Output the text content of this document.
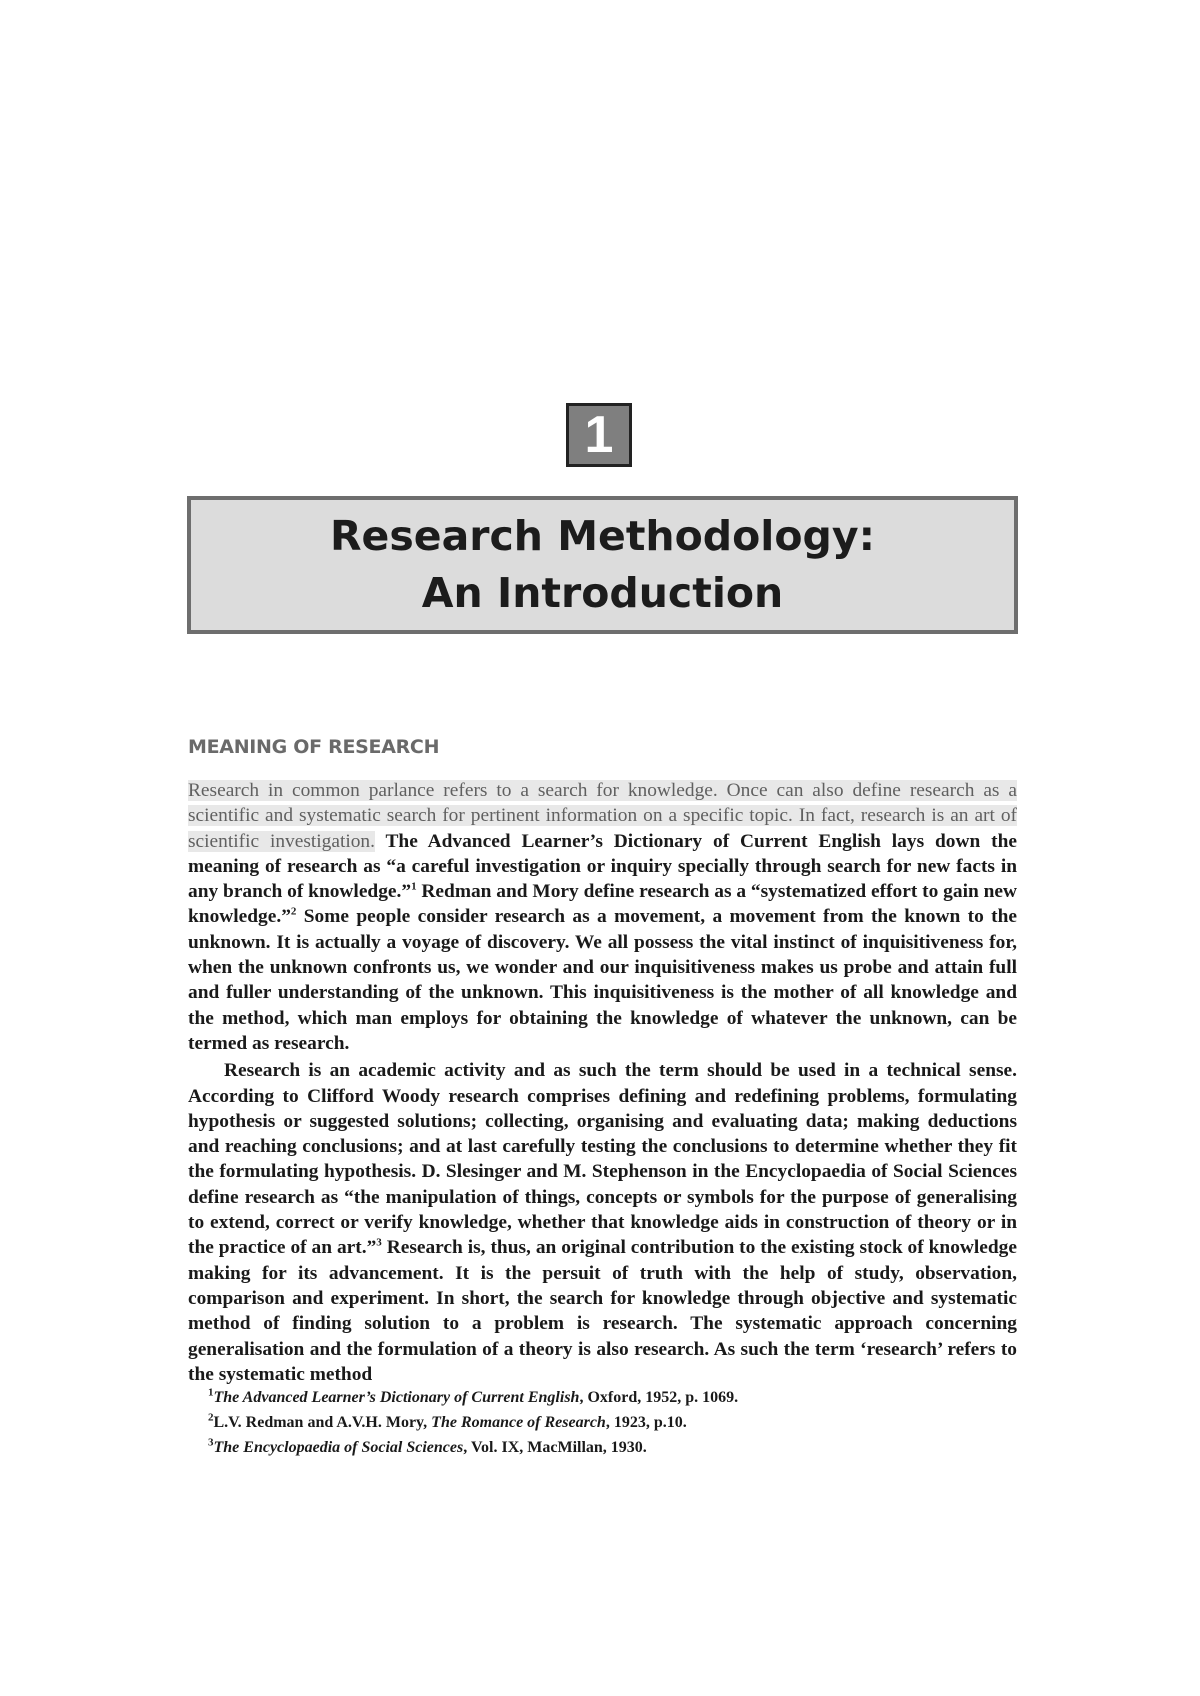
1
Research Methodology:
An Introduction
MEANING OF RESEARCH

Research in common parlance refers to a search for knowledge. Once can also define research as a scientific and systematic search for pertinent information on a specific topic. In fact, research is an art of scientific investigation. The Advanced Learner’s Dictionary of Current English lays down the meaning of research as “a careful investigation or inquiry specially through search for new facts in any branch of knowledge.”$^1$ Redman and Mory define research as a “systematized effort to gain new knowledge.”$^2$ Some people consider research as a movement, a movement from the known to the unknown. It is actually a voyage of discovery. We all possess the vital instinct of inquisitiveness for, when the unknown confronts us, we wonder and our inquisitiveness makes us probe and attain full and fuller understanding of the unknown. This inquisitiveness is the mother of all knowledge and the method, which man employs for obtaining the knowledge of whatever the unknown, can be termed as research.

Research is an academic activity and as such the term should be used in a technical sense. According to Clifford Woody research comprises defining and redefining problems, formulating hypothesis or suggested solutions; collecting, organising and evaluating data; making deductions and reaching conclusions; and at last carefully testing the conclusions to determine whether they fit the formulating hypothesis. D. Slesinger and M. Stephenson in the Encyclopaedia of Social Sciences define research as “the manipulation of things, concepts or symbols for the purpose of generalising to extend, correct or verify knowledge, whether that knowledge aids in construction of theory or in the practice of an art.”$^3$ Research is, thus, an original contribution to the existing stock of knowledge making for its advancement. It is the persuit of truth with the help of study, observation, comparison and experiment. In short, the search for knowledge through objective and systematic method of finding solution to a problem is research. The systematic approach concerning generalisation and the formulation of a theory is also research. As such the term ‘research’ refers to the systematic method

$^1$The Advanced Learner’s Dictionary of Current English, Oxford, 1952, p. 1069.
$^2$L.V. Redman and A.V.H. Mory, The Romance of Research, 1923, p.10.
$^3$The Encyclopaedia of Social Sciences, Vol. IX, MacMillan, 1930.
